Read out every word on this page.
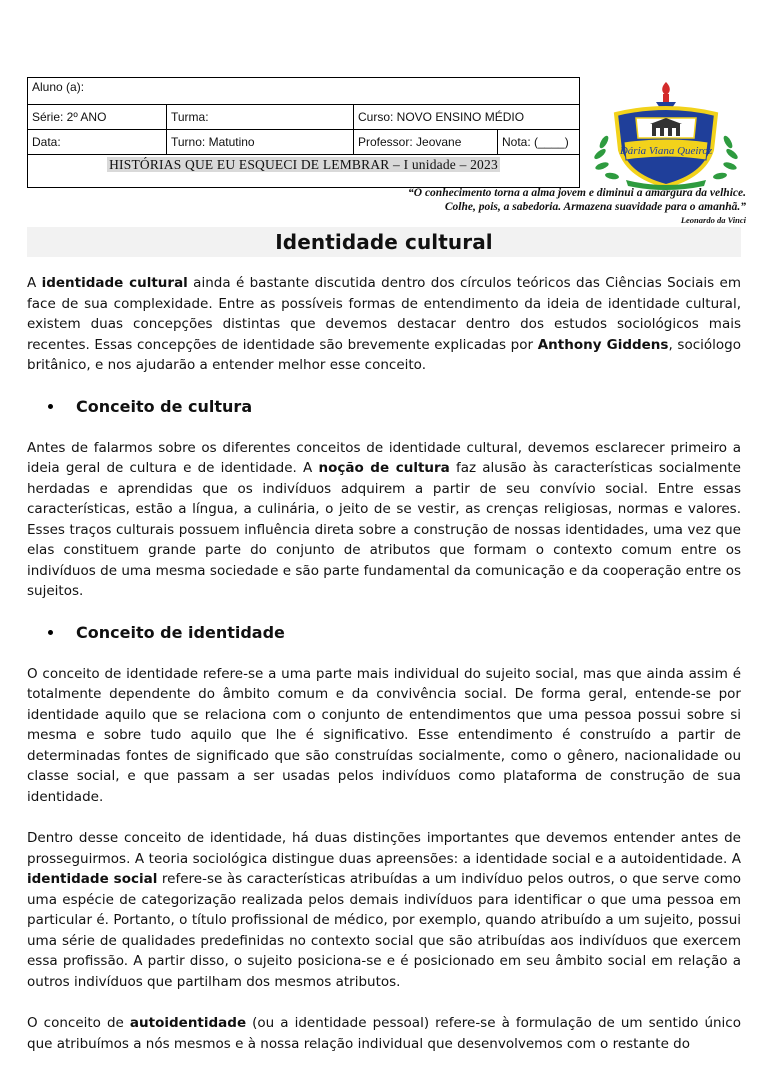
Aluno (a):			
Série: 2º ANO	Turma:	Curso: NOVO ENSINO MÉDIO	
Data:	Turno: Matutino	Professor: Jeovane	Nota: (____)
HISTÓRIAS QUE EU ESQUECI DE LEMBRAR – I unidade – 2023			
Dária Viana Queiroz
“O conhecimento torna a alma jovem e diminui a amargura da velhice.
Colhe, pois, a sabedoria. Armazena suavidade para o amanhã.”
Leonardo da Vinci
Identidade cultural

A identidade cultural ainda é bastante discutida dentro dos círculos teóricos das Ciências Sociais em face de sua complexidade. Entre as possíveis formas de entendimento da ideia de identidade cultural, existem duas concepções distintas que devemos destacar dentro dos estudos sociológicos mais recentes. Essas concepções de identidade são brevemente explicadas por Anthony Giddens, sociólogo britânico, e nos ajudarão a entender melhor esse conceito.

Conceito de cultura

Antes de falarmos sobre os diferentes conceitos de identidade cultural, devemos esclarecer primeiro a ideia geral de cultura e de identidade. A noção de cultura faz alusão às características socialmente herdadas e aprendidas que os indivíduos adquirem a partir de seu convívio social. Entre essas características, estão a língua, a culinária, o jeito de se vestir, as crenças religiosas, normas e valores. Esses traços culturais possuem influência direta sobre a construção de nossas identidades, uma vez que elas constituem grande parte do conjunto de atributos que formam o contexto comum entre os indivíduos de uma mesma sociedade e são parte fundamental da comunicação e da cooperação entre os sujeitos.

Conceito de identidade

O conceito de identidade refere-se a uma parte mais individual do sujeito social, mas que ainda assim é totalmente dependente do âmbito comum e da convivência social. De forma geral, entende-se por identidade aquilo que se relaciona com o conjunto de entendimentos que uma pessoa possui sobre si mesma e sobre tudo aquilo que lhe é significativo. Esse entendimento é construído a partir de determinadas fontes de significado que são construídas socialmente, como o gênero, nacionalidade ou classe social, e que passam a ser usadas pelos indivíduos como plataforma de construção de sua identidade.

Dentro desse conceito de identidade, há duas distinções importantes que devemos entender antes de prosseguirmos. A teoria sociológica distingue duas apreensões: a identidade social e a autoidentidade. A identidade social refere-se às características atribuídas a um indivíduo pelos outros, o que serve como uma espécie de categorização realizada pelos demais indivíduos para identificar o que uma pessoa em particular é. Portanto, o título profissional de médico, por exemplo, quando atribuído a um sujeito, possui uma série de qualidades predefinidas no contexto social que são atribuídas aos indivíduos que exercem essa profissão. A partir disso, o sujeito posiciona-se e é posicionado em seu âmbito social em relação a outros indivíduos que partilham dos mesmos atributos.

O conceito de autoidentidade (ou a identidade pessoal) refere-se à formulação de um sentido único que atribuímos a nós mesmos e à nossa relação individual que desenvolvemos com o restante do
